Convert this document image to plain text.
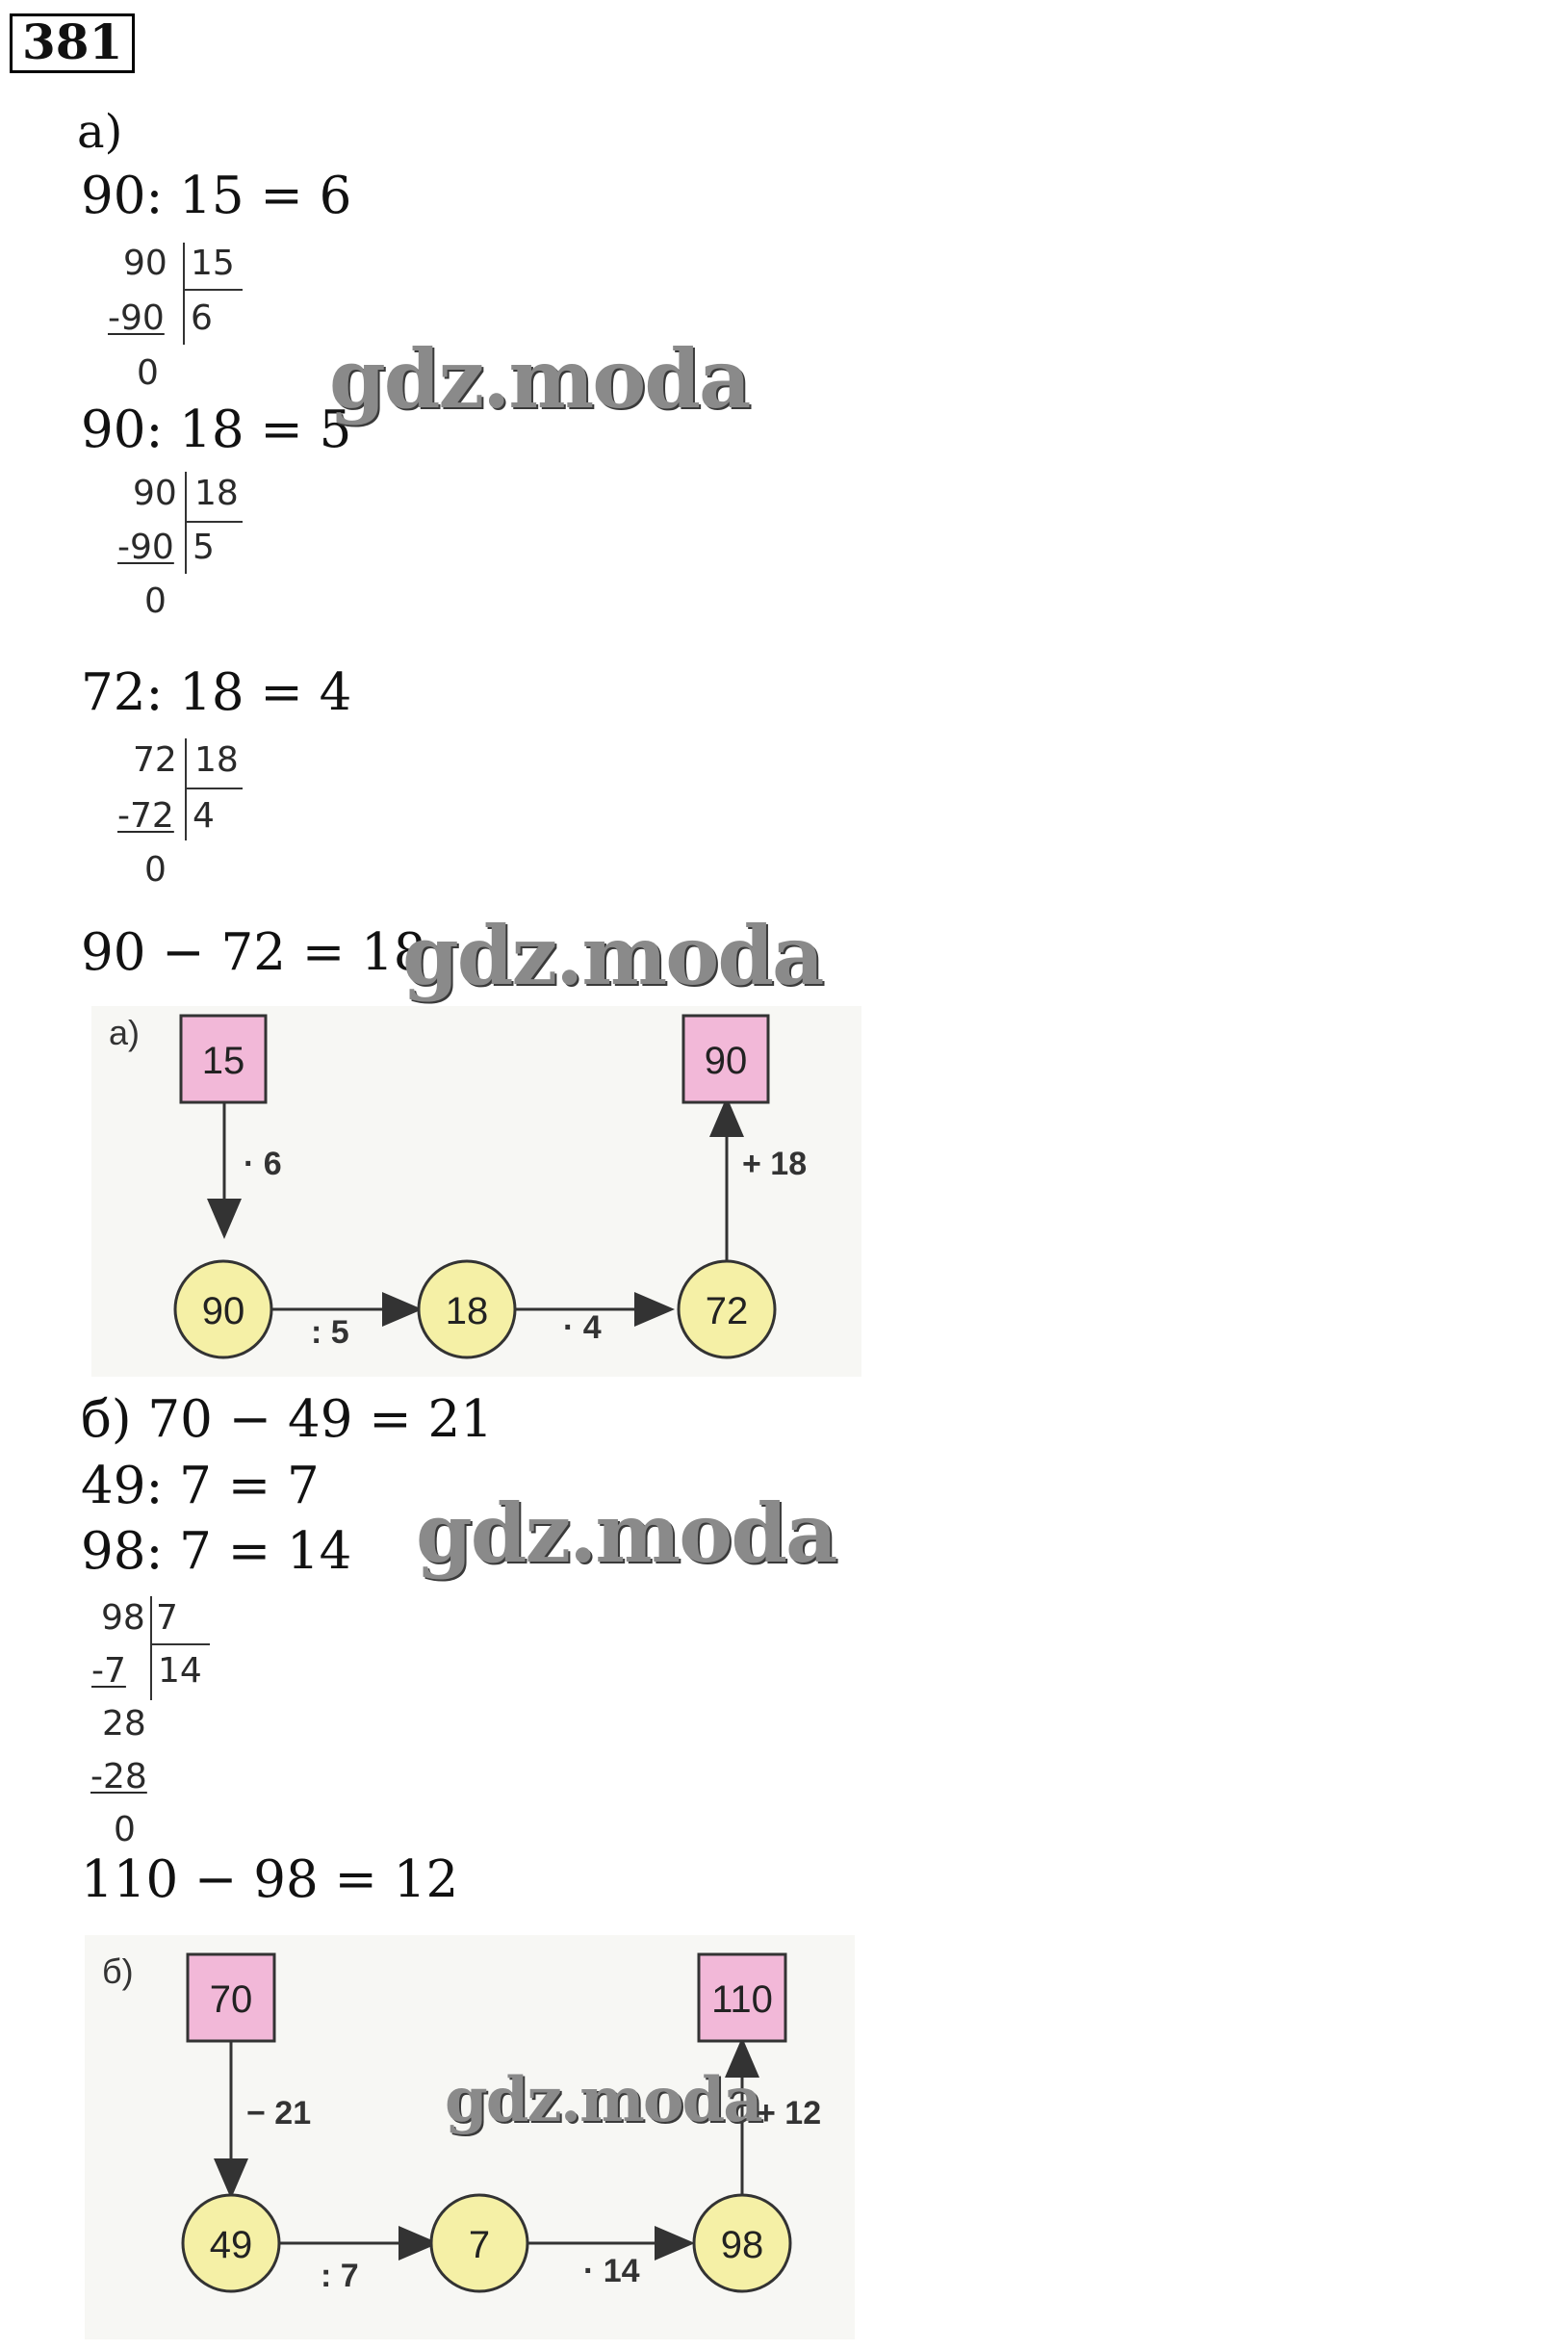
381
а)
90: 15 = 6
90 15
-90 6
0
90: 18 = 5
90 18
-90 5
0
72: 18 = 4
72 18
-72 4
0
90 − 72 = 18
а)
15	90
90	18	72
· 6
: 5	· 4
+ 18
б) 70 − 49 = 21
49: 7 = 7
98: 7 = 14
98 7
-7 14
28
-28
0
110 − 98 = 12
б)
70	110
49	7	98
− 21
: 7	· 14
+ 12
gdz.moda
gdz.moda
gdz.moda
gdz.moda
